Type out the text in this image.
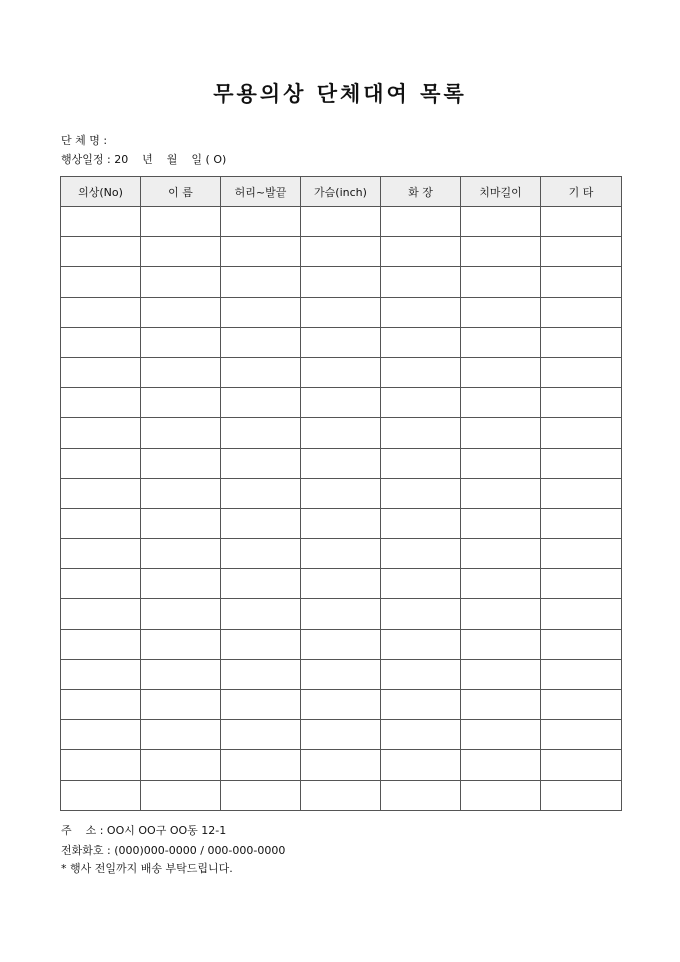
무용의상 단체대여 목록
단 체 명 :
행상일정 : 20    년    월    일 ( O)
의상(No)	이 름	허리~발끝	가슴(inch)	화 장	치마길이	기 타

주    소 : OO시 OO구 OO동 12-1
전화화호 : (000)000-0000 / 000-000-0000
* 행사 전일까지 배송 부탁드립니다.
